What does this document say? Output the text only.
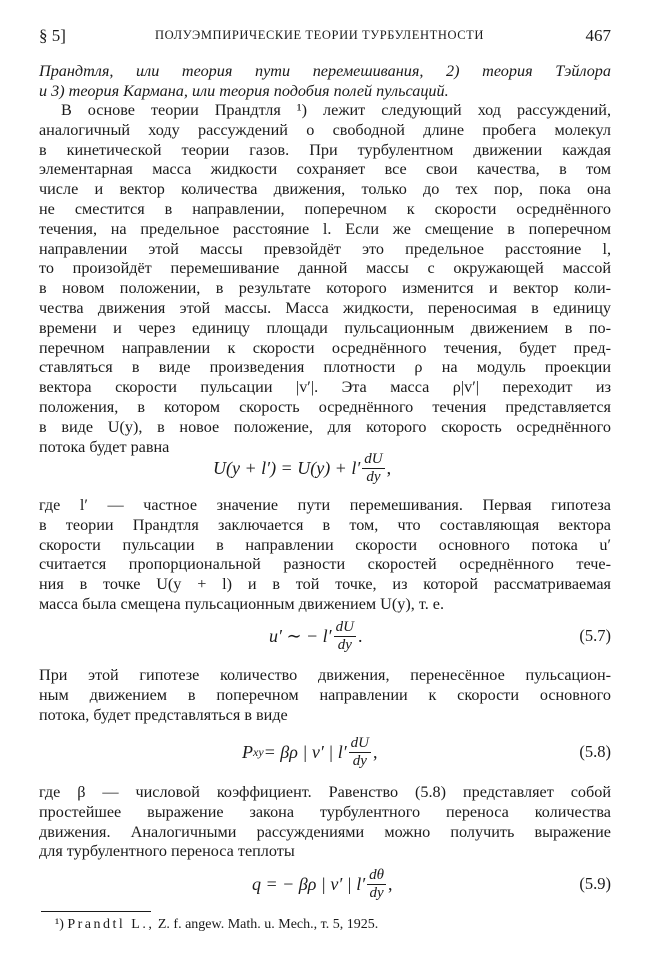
§ 5]	ПОЛУЭМПИРИЧЕСКИЕ ТЕОРИИ ТУРБУЛЕНТНОСТИ	467
Прандтля, или теория пути перемешивания, 2) теория Тэйлора
и 3) теория Кармана, или теория подобия полей пульсаций.
В основе теории Прандтля ¹) лежит следующий ход рассуждений,
аналогичный ходу рассуждений о свободной длине пробега молекул
в кинетической теории газов. При турбулентном движении каждая
элементарная масса жидкости сохраняет все свои качества, в том
числе и вектор количества движения, только до тех пор, пока она
не сместится в направлении, поперечном к скорости осреднённого
течения, на предельное расстояние l. Если же смещение в поперечном
направлении этой массы превзойдёт это предельное расстояние l,
то произойдёт перемешивание данной массы с окружающей массой
в новом положении, в результате которого изменится и вектор коли-
чества движения этой массы. Масса жидкости, переносимая в единицу
времени и через единицу площади пульсационным движением в по-
перечном направлении к скорости осреднённого течения, будет пред-
ставляться в виде произведения плотности ρ на модуль проекции
вектора скорости пульсации |v′|. Эта масса ρ|v′| переходит из
положения, в котором скорость осреднённого течения представляется
в виде U(y), в новое положение, для которого скорость осреднённого
потока будет равна
$U(y + l') = U(y) + l' \frac{dU}{dy}$ ,
где l′ — частное значение пути перемешивания. Первая гипотеза
в теории Прандтля заключается в том, что составляющая вектора
скорости пульсации в направлении скорости основного потока u′
считается пропорциональной разности скоростей осреднённого тече-
ния в точке U(y + l) и в той точке, из которой рассматриваемая
масса была смещена пульсационным движением U(y), т. е.
u′ ∼ − $l' \frac{dU}{dy}$ .	(5.7)
При этой гипотезе количество движения, перенесённое пульсацион-
ным движением в поперечном направлении к скорости основного
потока, будет представляться в виде
P xy = βρ | v′ | $l' \frac{dU}{dy}$ ,	(5.8)
где β — числовой коэффициент. Равенство (5.8) представляет собой
простейшее выражение закона турбулентного переноса количества
движения. Аналогичными рассуждениями можно получить выражение
для турбулентного переноса теплоты
q = − βρ | v′ | $l' \frac{d\theta}{dy}$ ,	(5.9)
¹) Prandtl L., Z. f. angew. Math. u. Mech., т. 5, 1925.
